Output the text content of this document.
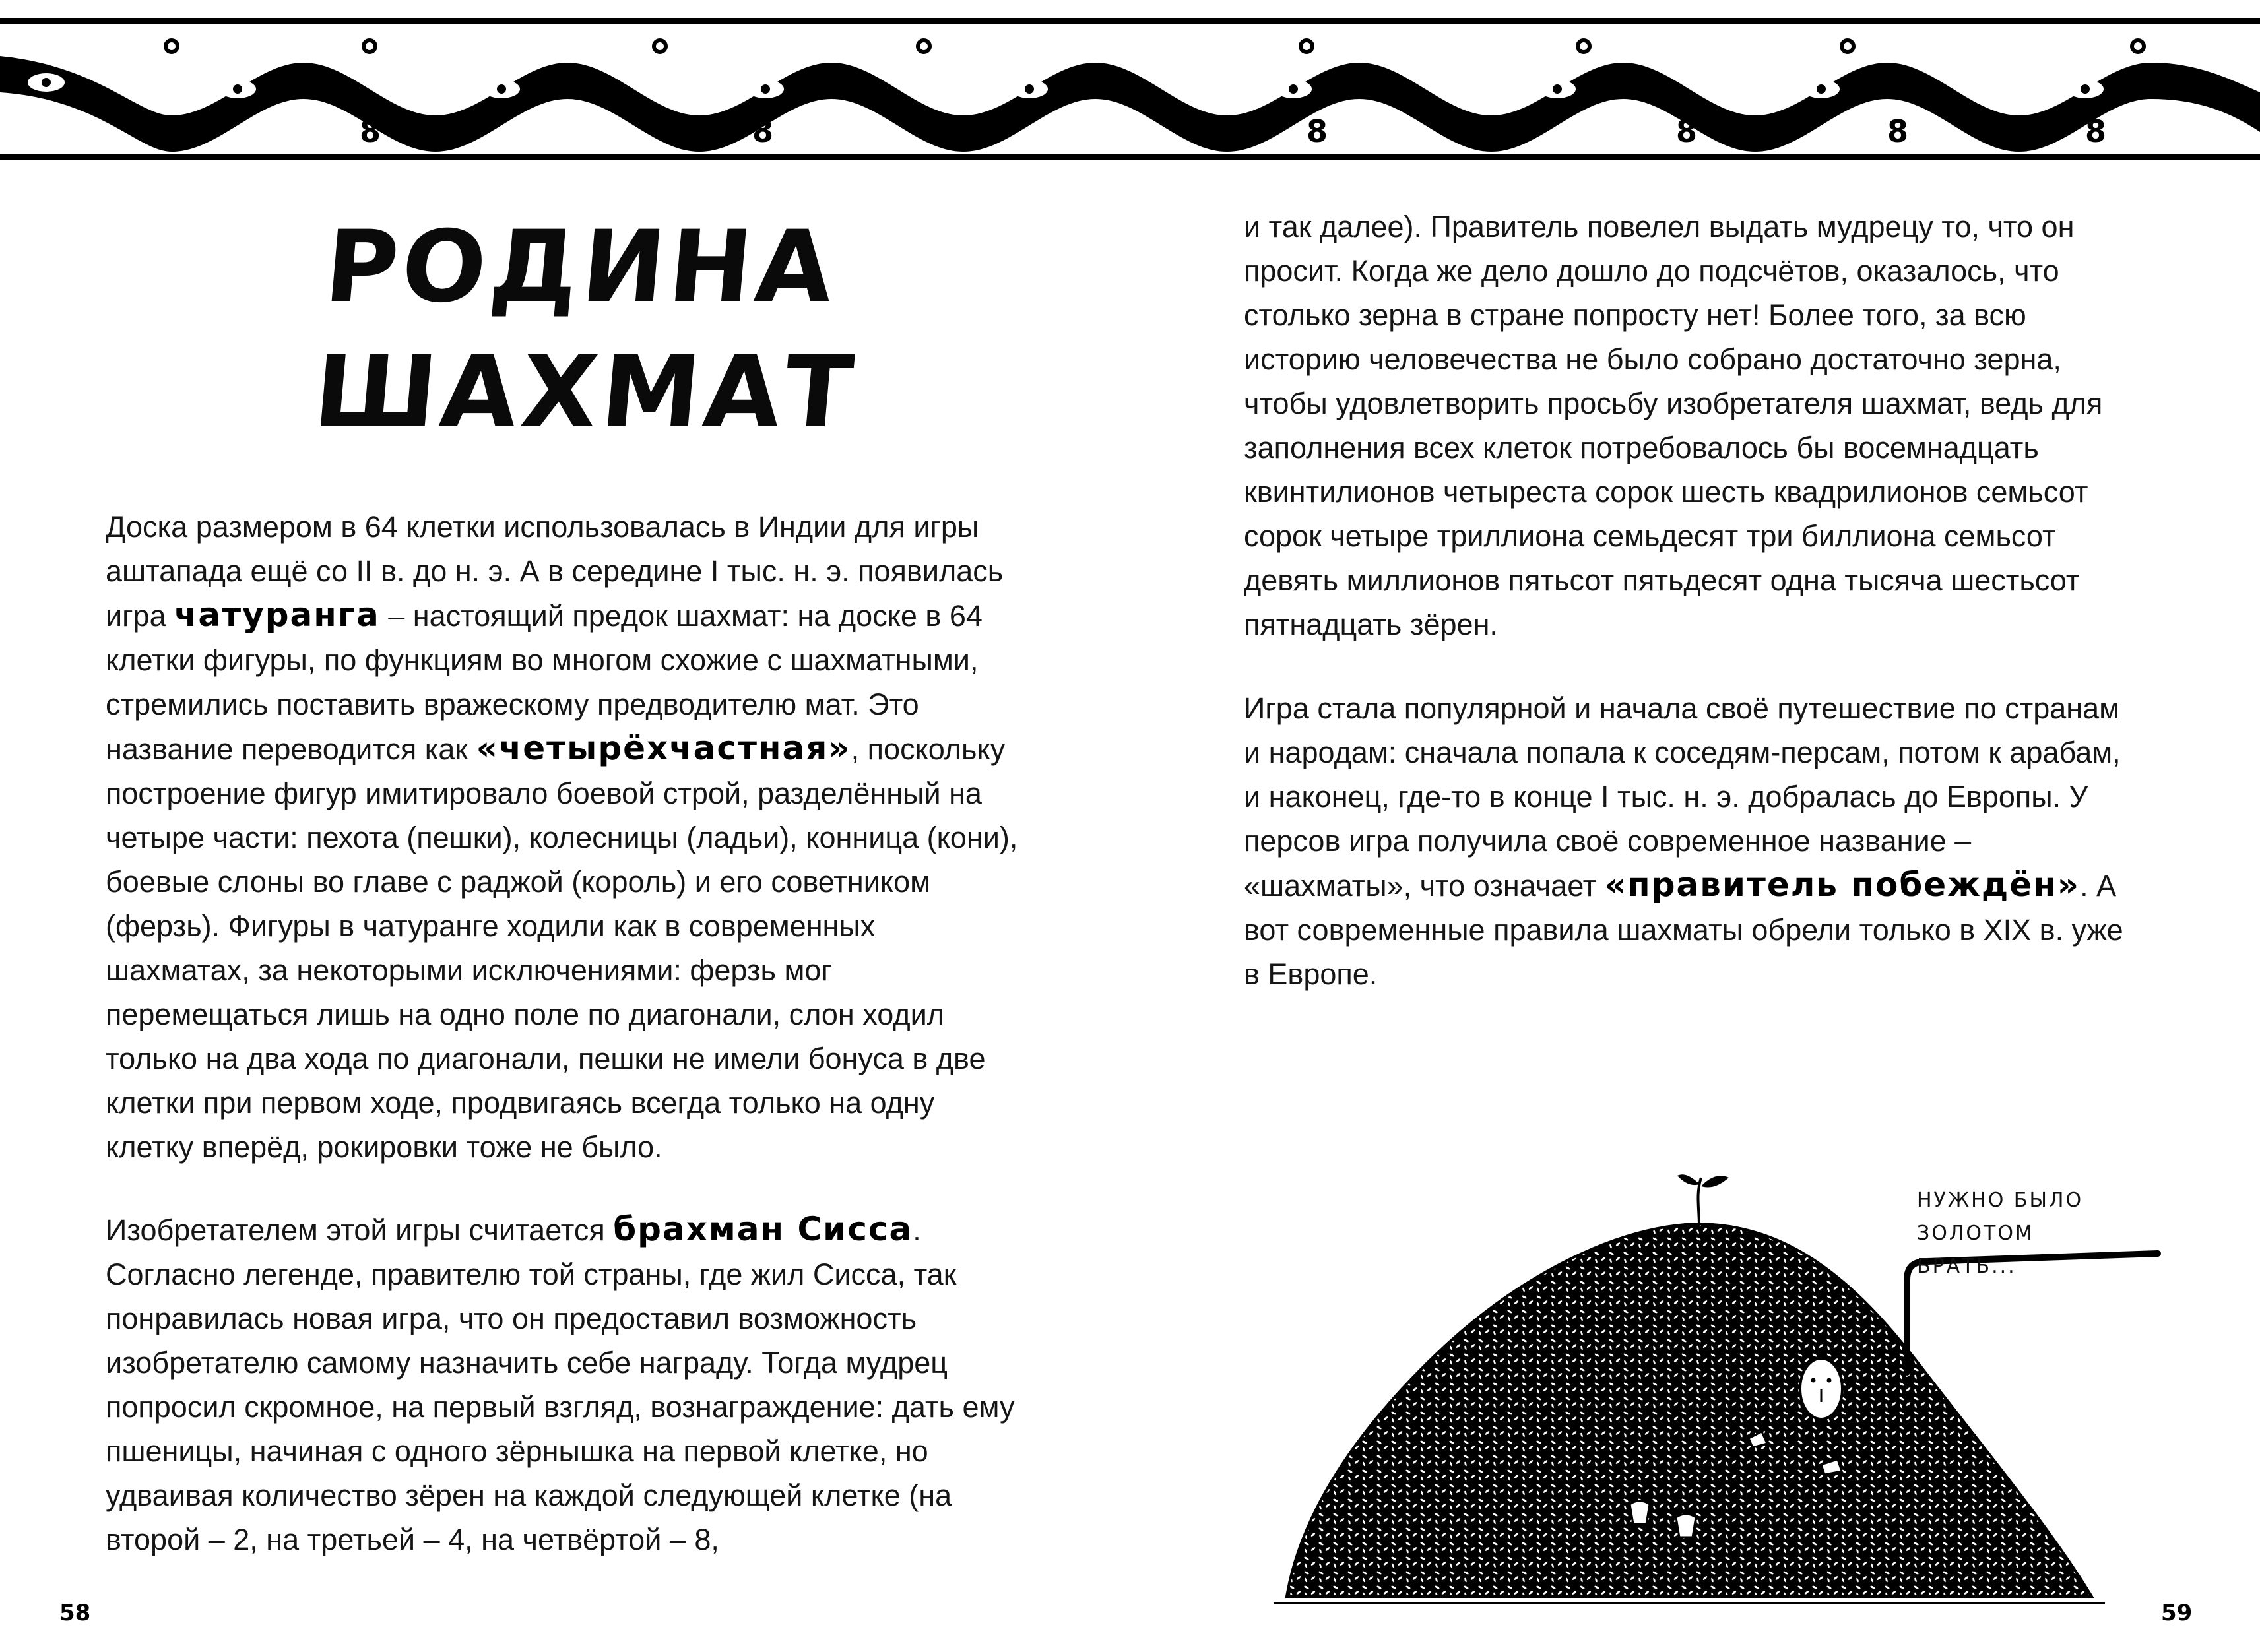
8	8	8	8	8	8	8	8
РОДИНА
ШАХМАТ

Доска размером в 64 клетки использовалась в Индии для игры аштапада ещё со II в. до н. э. А в середине I тыс. н. э. появилась игра чатуранга – настоящий предок шахмат: на доске в 64 клетки фигуры, по функциям во многом схожие с шахматными, стремились поставить вражескому предводителю мат. Это название переводится как «четырёхчастная», поскольку построение фигур имитировало боевой строй, разделённый на четыре части: пехота (пешки), колесницы (ладьи), конница (кони), боевые слоны во главе с раджой (король) и его советником (ферзь). Фигуры в чатуранге ходили как в современных шахматах, за некоторыми исключениями: ферзь мог перемещаться лишь на одно поле по диагонали, слон ходил только на два хода по диагонали, пешки не имели бонуса в две клетки при первом ходе, продвигаясь всегда только на одну клетку вперёд, рокировки тоже не было.

Изобретателем этой игры считается брахман Сисса. Согласно легенде, правителю той страны, где жил Сисса, так понравилась новая игра, что он предоставил возможность изобретателю самому назначить себе награду. Тогда мудрец попросил скромное, на первый взгляд, вознаграждение: дать ему пшеницы, начиная с одного зёрнышка на первой клетке, но удваивая количество зёрен на каждой следующей клетке (на второй – 2, на третьей – 4, на четвёртой – 8,

58

и так далее). Правитель повелел выдать мудрецу то, что он просит. Когда же дело дошло до подсчётов, оказалось, что столько зерна в стране попросту нет! Более того, за всю историю человечества не было собрано достаточно зерна, чтобы удовлетворить просьбу изобретателя шахмат, ведь для заполнения всех клеток потребовалось бы восемнадцать квинтилионов четыреста сорок шесть квадрилионов семьсот сорок четыре триллиона семьдесят три биллиона семьсот девять миллионов пятьсот пятьдесят одна тысяча шестьсот пятнадцать зёрен.

Игра стала популярной и начала своё путешествие по странам и народам: сначала попала к соседям-персам, потом к арабам, и наконец, где-то в конце I тыс. н. э. добралась до Европы. У персов игра получила своё современное название – «шахматы», что означает «правитель побеждён». А вот современные правила шахматы обрели только в XIX в. уже в Европе.

НУЖНО БЫЛО ЗОЛОТОМ БРАТЬ...
59
